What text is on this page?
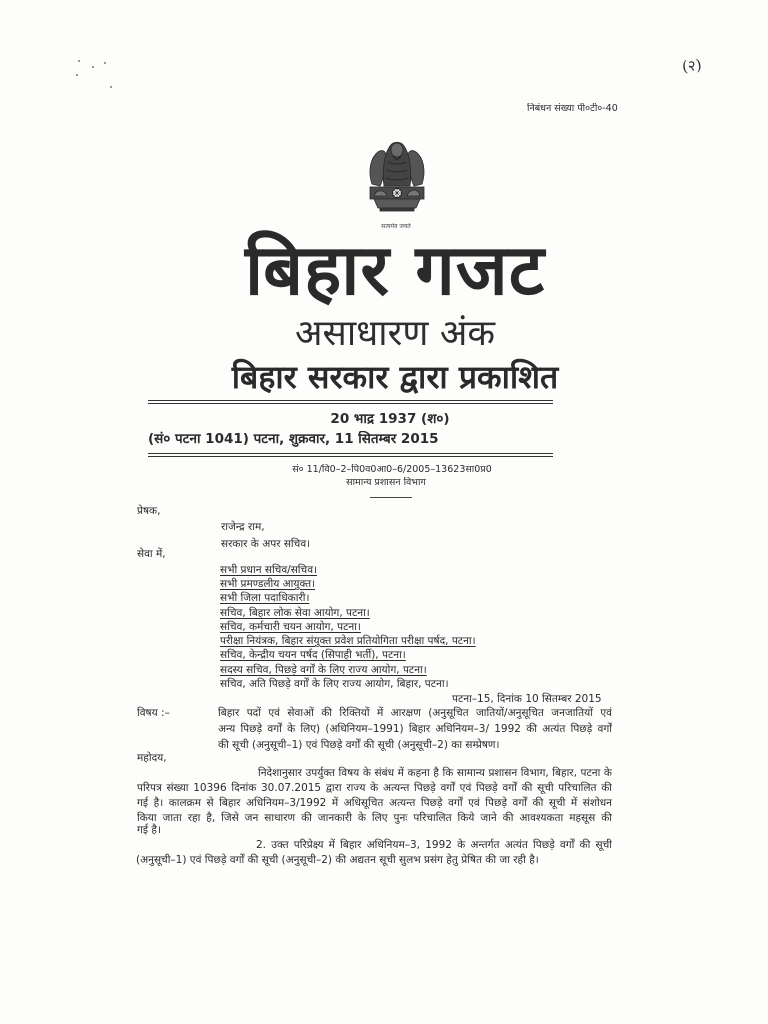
(२)
निबंधन संख्या पी०टी०-40
सत्यमेव जयते
बिहार गजट
असाधारण अंक
बिहार सरकार द्वारा प्रकाशित
20 भाद्र 1937 (श०)
(सं० पटना 1041) पटना, शुक्रवार, 11 सितम्बर 2015
सं० 11/वि0–2–पि0व0आ0–6/2005–13623सा0प्र0
सामान्य प्रशासन विभाग
प्रेषक,
राजेन्द्र राम,
सरकार के अपर सचिव।
सेवा में,
सभी प्रधान सचिव/सचिव।
सभी प्रमण्डलीय आयुक्त।
सभी जिला पदाधिकारी।
सचिव, बिहार लोक सेवा आयोग, पटना।
सचिव, कर्मचारी चयन आयोग, पटना।
परीक्षा नियंत्रक, बिहार संयुक्त प्रवेश प्रतियोगिता परीक्षा पर्षद, पटना।
सचिव, केन्द्रीय चयन पर्षद (सिपाही भर्ती), पटना।
सदस्य सचिव, पिछड़े वर्गों के लिए राज्य आयोग, पटना।
सचिव, अति पिछड़े वर्गों के लिए राज्य आयोग, बिहार, पटना।
पटना–15, दिनांक 10 सितम्बर 2015
विषय :–	बिहार पदों एवं सेवाओं की रिक्तियों में आरक्षण (अनुसूचित जातियों/अनुसूचित जनजातियों एवं
अन्य पिछड़े वर्गों के लिए) (अधिनियम–1991) बिहार अधिनियम–3/ 1992 की अत्यंत पिछड़े वर्गों
की सूची (अनुसूची–1) एवं पिछड़े वर्गों की सूची (अनुसूची–2) का सम्प्रेषण।
महोदय,
निदेशानुसार उपर्युक्त विषय के संबंध में कहना है कि सामान्य प्रशासन विभाग, बिहार, पटना के
परिपत्र संख्या 10396 दिनांक 30.07.2015 द्वारा राज्य के अत्यन्त पिछड़े वर्गों एवं पिछड़े वर्गों की सूची परिचालित की
गई है। कालक्रम से बिहार अधिनियम–3/1992 में अधिसूचित अत्यन्त पिछड़े वर्गों एवं पिछड़े वर्गों की सूची में संशोधन
किया जाता रहा है, जिसे जन साधारण की जानकारी के लिए पुनः परिचालित किये जाने की आवश्यकता महसूस की
गई है।
2. उक्त परिप्रेक्ष्य में बिहार अधिनियम–3, 1992 के अन्तर्गत अत्यंत पिछड़े वर्गों की सूची
(अनुसूची–1) एवं पिछड़े वर्गों की सूची (अनुसूची–2) की अद्यतन सूची सुलभ प्रसंग हेतु प्रेषित की जा रही है।
